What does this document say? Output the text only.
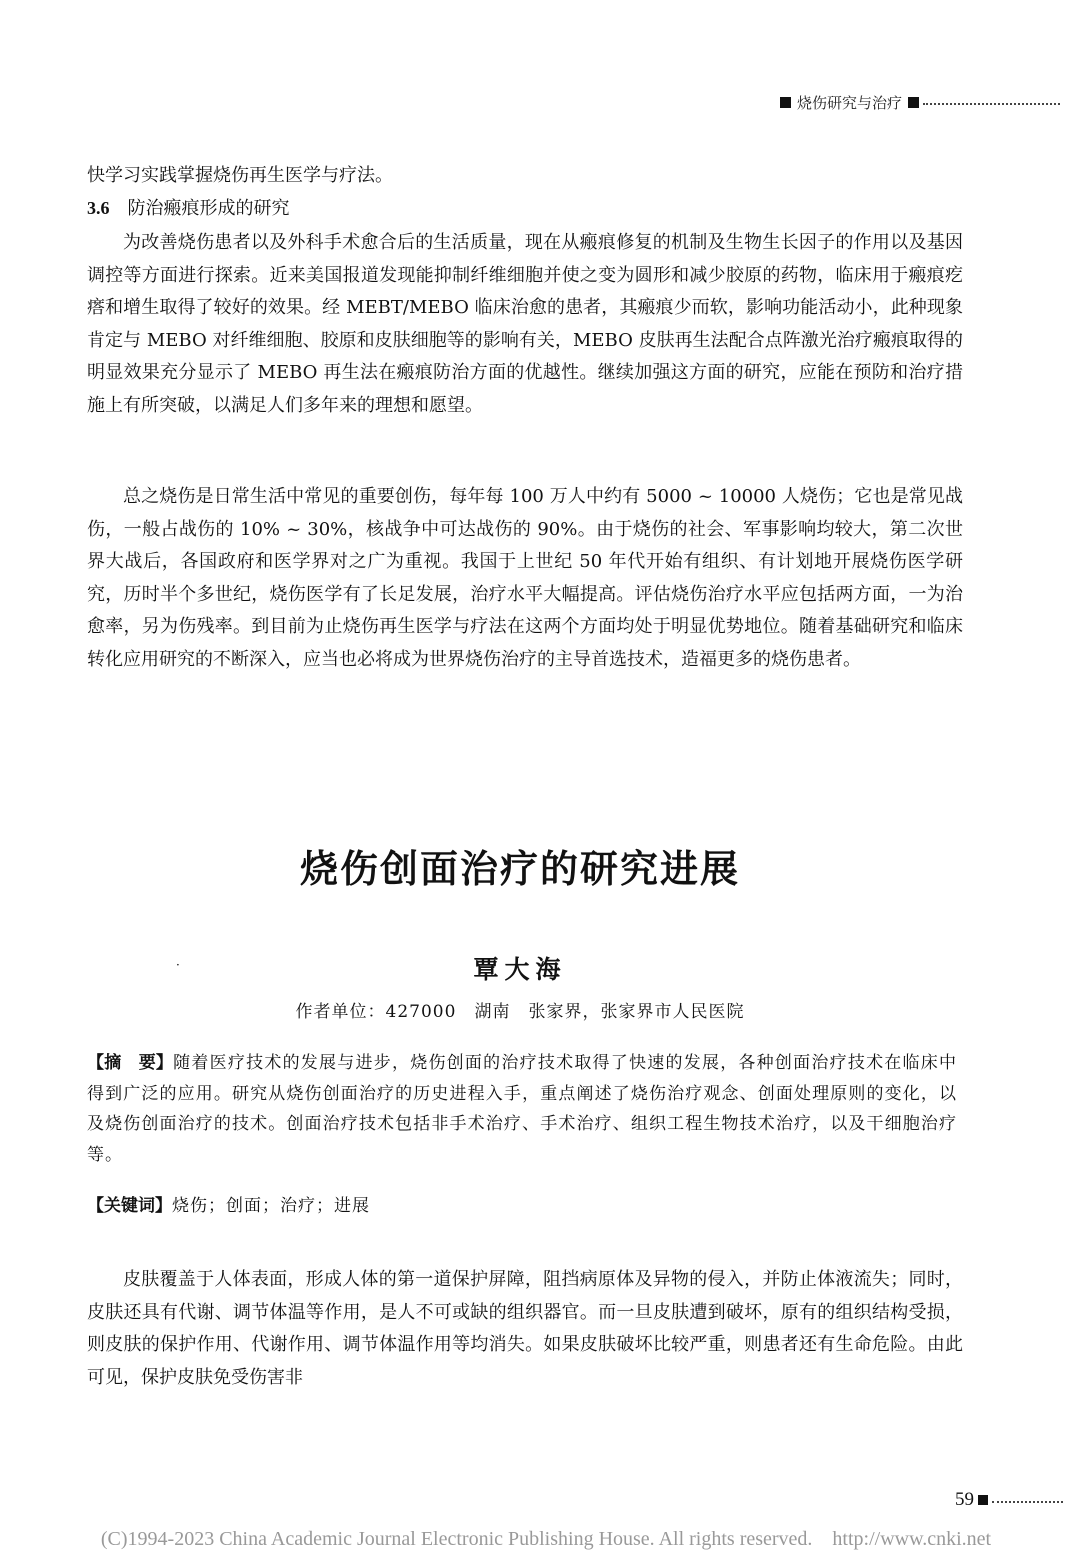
烧伤研究与治疗
快学习实践掌握烧伤再生医学与疗法。
3.6 防治瘢痕形成的研究
为改善烧伤患者以及外科手术愈合后的生活质量，现在从瘢痕修复的机制及生物生长因子的作用以及基因调控等方面进行探索。近来美国报道发现能抑制纤维细胞并使之变为圆形和减少胶原的药物，临床用于瘢痕疙瘩和增生取得了较好的效果。经 MEBT/MEBO 临床治愈的患者，其瘢痕少而软，影响功能活动小，此种现象肯定与 MEBO 对纤维细胞、胶原和皮肤细胞等的影响有关，MEBO 皮肤再生法配合点阵激光治疗瘢痕取得的明显效果充分显示了 MEBO 再生法在瘢痕防治方面的优越性。继续加强这方面的研究，应能在预防和治疗措施上有所突破，以满足人们多年来的理想和愿望。
总之烧伤是日常生活中常见的重要创伤，每年每 100 万人中约有 5000 ~ 10000 人烧伤；它也是常见战伤，一般占战伤的 10% ~ 30%，核战争中可达战伤的 90%。由于烧伤的社会、军事影响均较大，第二次世界大战后，各国政府和医学界对之广为重视。我国于上世纪 50 年代开始有组织、有计划地开展烧伤医学研究，历时半个多世纪，烧伤医学有了长足发展，治疗水平大幅提高。评估烧伤治疗水平应包括两方面，一为治愈率，另为伤残率。到目前为止烧伤再生医学与疗法在这两个方面均处于明显优势地位。随着基础研究和临床转化应用研究的不断深入，应当也必将成为世界烧伤治疗的主导首选技术，造福更多的烧伤患者。
烧伤创面治疗的研究进展
·	覃大海
作者单位：427000　湖南　张家界，张家界市人民医院
【摘　要】随着医疗技术的发展与进步，烧伤创面的治疗技术取得了快速的发展，各种创面治疗技术在临床中得到广泛的应用。研究从烧伤创面治疗的历史进程入手，重点阐述了烧伤治疗观念、创面处理原则的变化，以及烧伤创面治疗的技术。创面治疗技术包括非手术治疗、手术治疗、组织工程生物技术治疗，以及干细胞治疗等。
【关键词】烧伤；创面；治疗；进展
皮肤覆盖于人体表面，形成人体的第一道保护屏障，阻挡病原体及异物的侵入，并防止体液流失；同时，皮肤还具有代谢、调节体温等作用，是人不可或缺的组织器官。而一旦皮肤遭到破坏，原有的组织结构受损，则皮肤的保护作用、代谢作用、调节体温作用等均消失。如果皮肤破坏比较严重，则患者还有生命危险。由此可见，保护皮肤免受伤害非
59
(C)1994-2023 China Academic Journal Electronic Publishing House. All rights reserved.　http://www.cnki.net
